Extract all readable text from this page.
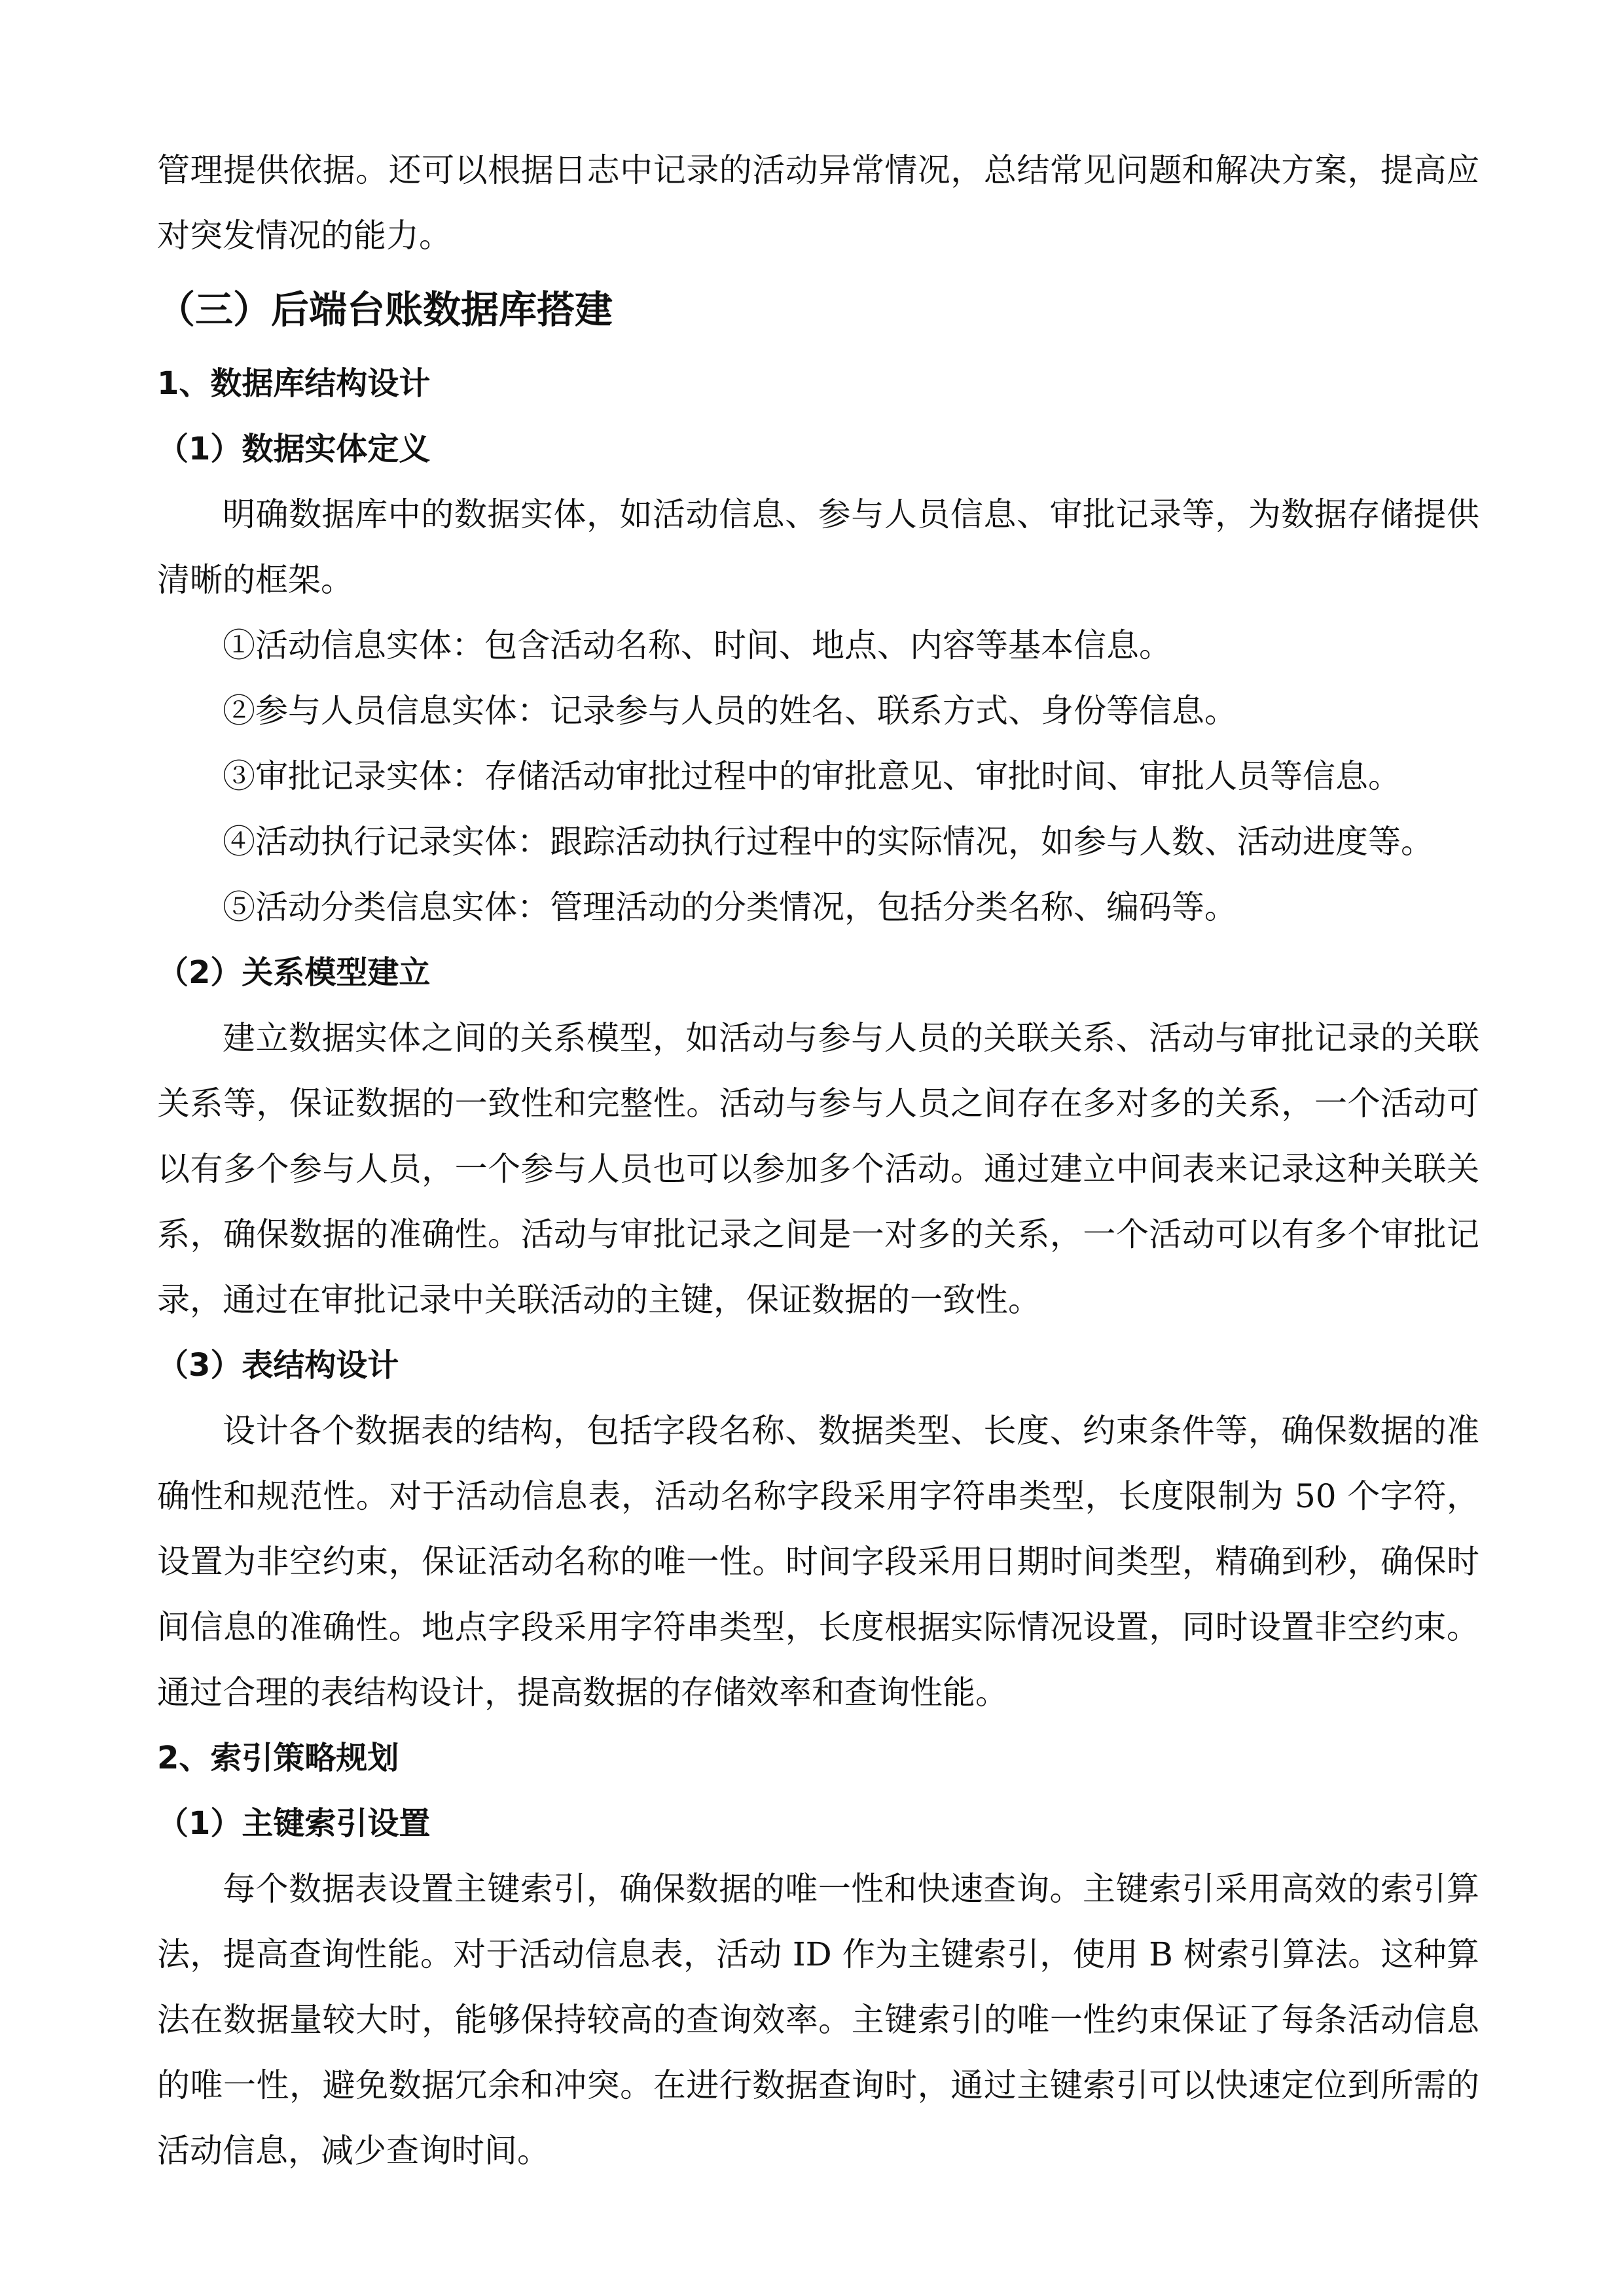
管理提供依据。还可以根据日志中记录的活动异常情况，总结常见问题和解决方案，提高应对突发情况的能力。

（三）后端台账数据库搭建
1、数据库结构设计
（1）数据实体定义

明确数据库中的数据实体，如活动信息、参与人员信息、审批记录等，为数据存储提供清晰的框架。

①活动信息实体：包含活动名称、时间、地点、内容等基本信息。

②参与人员信息实体：记录参与人员的姓名、联系方式、身份等信息。

③审批记录实体：存储活动审批过程中的审批意见、审批时间、审批人员等信息。

④活动执行记录实体：跟踪活动执行过程中的实际情况，如参与人数、活动进度等。

⑤活动分类信息实体：管理活动的分类情况，包括分类名称、编码等。

（2）关系模型建立

建立数据实体之间的关系模型，如活动与参与人员的关联关系、活动与审批记录的关联关系等，保证数据的一致性和完整性。活动与参与人员之间存在多对多的关系，一个活动可以有多个参与人员，一个参与人员也可以参加多个活动。通过建立中间表来记录这种关联关系，确保数据的准确性。活动与审批记录之间是一对多的关系，一个活动可以有多个审批记录，通过在审批记录中关联活动的主键，保证数据的一致性。

（3）表结构设计

设计各个数据表的结构，包括字段名称、数据类型、长度、约束条件等，确保数据的准确性和规范性。对于活动信息表，活动名称字段采用字符串类型，长度限制为 50 个字符，设置为非空约束，保证活动名称的唯一性。时间字段采用日期时间类型，精确到秒，确保时间信息的准确性。地点字段采用字符串类型，长度根据实际情况设置，同时设置非空约束。通过合理的表结构设计，提高数据的存储效率和查询性能。

2、索引策略规划
（1）主键索引设置

每个数据表设置主键索引，确保数据的唯一性和快速查询。主键索引采用高效的索引算法，提高查询性能。对于活动信息表，活动 ID 作为主键索引，使用 B 树索引算法。这种算法在数据量较大时，能够保持较高的查询效率。主键索引的唯一性约束保证了每条活动信息的唯一性，避免数据冗余和冲突。在进行数据查询时，通过主键索引可以快速定位到所需的活动信息，减少查询时间。
